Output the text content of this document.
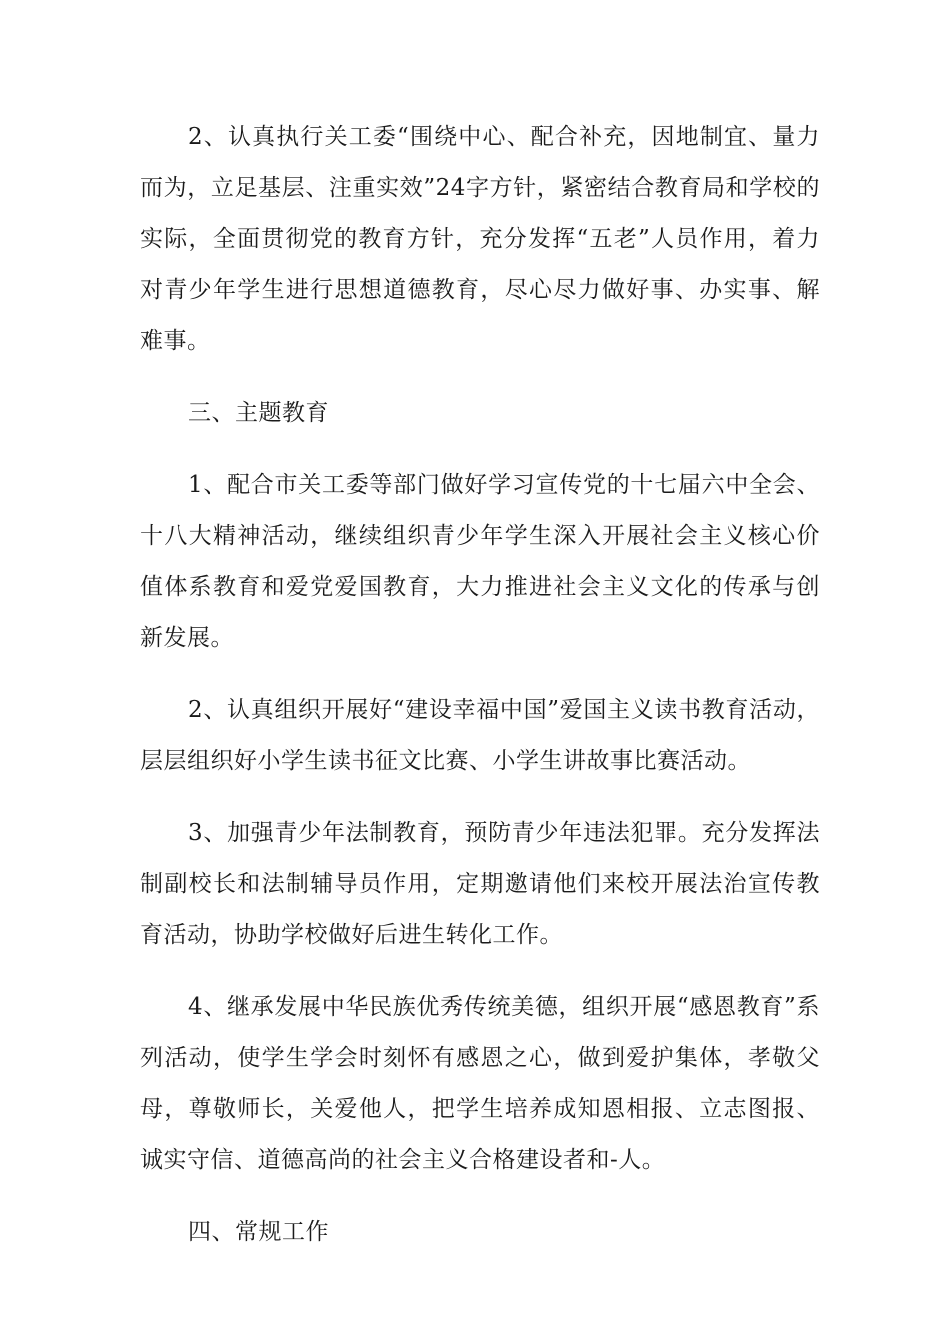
2、认真执行关工委“围绕中心、配合补充，因地制宜、量力而为，立足基层、注重实效”24字方针，紧密结合教育局和学校的实际，全面贯彻党的教育方针，充分发挥“五老”人员作用，着力对青少年学生进行思想道德教育，尽心尽力做好事、办实事、解难事。

三、主题教育

1、配合市关工委等部门做好学习宣传党的十七届六中全会、十八大精神活动，继续组织青少年学生深入开展社会主义核心价值体系教育和爱党爱国教育，大力推进社会主义文化的传承与创新发展。

2、认真组织开展好“建设幸福中国”爱国主义读书教育活动，层层组织好小学生读书征文比赛、小学生讲故事比赛活动。

3、加强青少年法制教育，预防青少年违法犯罪。充分发挥法制副校长和法制辅导员作用，定期邀请他们来校开展法治宣传教育活动，协助学校做好后进生转化工作。

4、继承发展中华民族优秀传统美德，组织开展“感恩教育”系列活动，使学生学会时刻怀有感恩之心，做到爱护集体，孝敬父母，尊敬师长，关爱他人，把学生培养成知恩相报、立志图报、诚实守信、道德高尚的社会主义合格建设者和-人。

四、常规工作
